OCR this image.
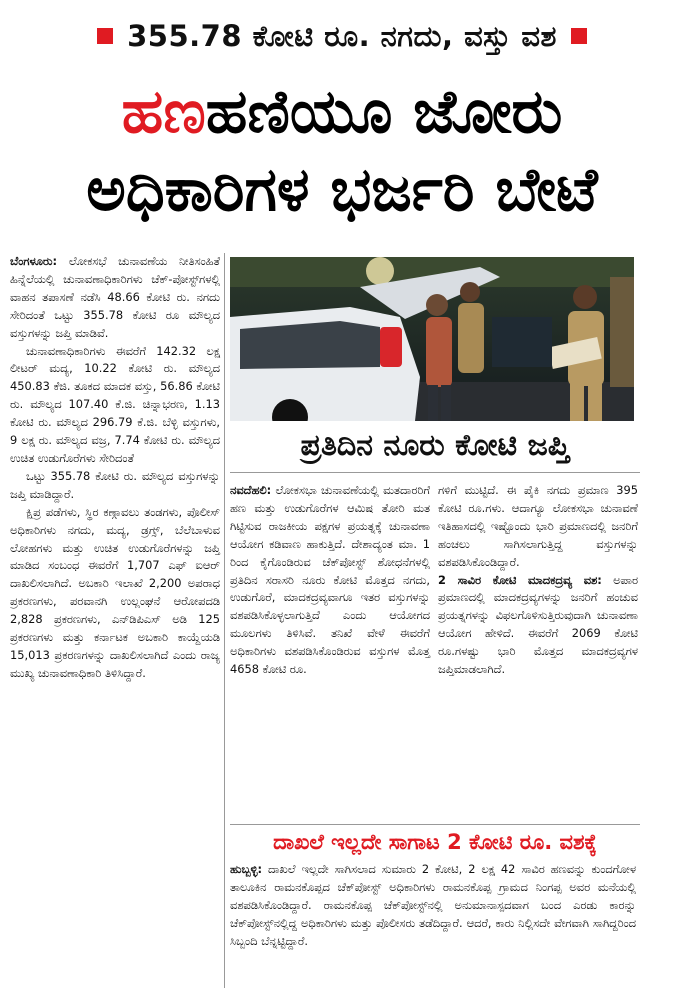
355.78 ಕೋಟಿ ರೂ. ನಗದು, ವಸ್ತು ವಶ
ಹಣಹಣಿಯೂ ಜೋರು
ಅಧಿಕಾರಿಗಳ ಭರ್ಜರಿ ಬೇಟೆ

ಬೆಂಗಳೂರು: ಲೋಕಸಭೆ ಚುನಾವಣೆಯ ನೀತಿಸಂಹಿತೆ ಹಿನ್ನೆಲೆಯಲ್ಲಿ ಚುನಾವಣಾಧಿಕಾರಿಗಳು ಚೆಕ್-ಪೋಸ್ಟ್‌ಗಳಲ್ಲಿ ವಾಹನ ತಪಾಸಣೆ ನಡೆಸಿ 48.66 ಕೋಟಿ ರು. ನಗದು ಸೇರಿದಂತೆ ಒಟ್ಟು 355.78 ಕೋಟಿ ರೂ ಮೌಲ್ಯದ ವಸ್ತುಗಳನ್ನು ಜಪ್ತಿ ಮಾಡಿವೆ.

ಚುನಾವಣಾಧಿಕಾರಿಗಳು ಈವರೆಗೆ 142.32 ಲಕ್ಷ ಲೀಟರ್ ಮದ್ಯ, 10.22 ಕೋಟಿ ರು. ಮೌಲ್ಯದ 450.83 ಕೆಜಿ. ತೂಕದ ಮಾದಕ ವಸ್ತು, 56.86 ಕೋಟಿ ರು. ಮೌಲ್ಯದ 107.40 ಕೆ.ಜಿ. ಚಿನ್ನಾಭರಣ, 1.13 ಕೋಟಿ ರು. ಮೌಲ್ಯದ 296.79 ಕೆ.ಜಿ. ಬೆಳ್ಳಿ ವಸ್ತುಗಳು, 9 ಲಕ್ಷ ರು. ಮೌಲ್ಯದ ವಜ್ರ, 7.74 ಕೋಟಿ ರು. ಮೌಲ್ಯದ ಉಚಿತ ಉಡುಗೊರೆಗಳು ಸೇರಿದಂತೆ

ಒಟ್ಟು 355.78 ಕೋಟಿ ರು. ಮೌಲ್ಯದ ವಸ್ತುಗಳನ್ನು ಜಪ್ತಿ ಮಾಡಿದ್ದಾರೆ.

ಕ್ಷಿಪ್ರ ಪಡೆಗಳು, ಸ್ಥಿರ ಕಣ್ಗಾವಲು ತಂಡಗಳು, ಪೊಲೀಸ್ ಅಧಿಕಾರಿಗಳು ನಗದು, ಮದ್ಯ, ಡ್ರಗ್ಸ್, ಬೆಲೆಬಾಳುವ ಲೋಹಗಳು ಮತ್ತು ಉಚಿತ ಉಡುಗೊರೆಗಳನ್ನು ಜಪ್ತಿ ಮಾಡಿದ ಸಂಬಂಧ ಈವರೆಗೆ 1,707 ಎಫ್ ಐಆರ್ ದಾಖಲಿಸಲಾಗಿದೆ. ಅಬಕಾರಿ ಇಲಾಖೆ 2,200 ಅಪರಾಧ ಪ್ರಕರಣಗಳು, ಪರವಾನಗಿ ಉಲ್ಲಂಘನೆ ಆರೋಪದಡಿ 2,828 ಪ್ರಕರಣಗಳು, ಎನ್‌ಡಿಪಿಎಸ್ ಅಡಿ 125 ಪ್ರಕರಣಗಳು ಮತ್ತು ಕರ್ನಾಟಕ ಅಬಕಾರಿ ಕಾಯ್ದೆಯಡಿ 15,013 ಪ್ರಕರಣಗಳನ್ನು ದಾಖಲಿಸಲಾಗಿದೆ ಎಂದು ರಾಜ್ಯ ಮುಖ್ಯ ಚುನಾವಣಾಧಿಕಾರಿ ತಿಳಿಸಿದ್ದಾರೆ.

ಪ್ರತಿದಿನ ನೂರು ಕೋಟಿ ಜಪ್ತಿ

ನವದೆಹಲಿ: ಲೋಕಸಭಾ ಚುನಾವಣೆಯಲ್ಲಿ ಮತದಾರರಿಗೆ ಹಣ ಮತ್ತು ಉಡುಗೊರೆಗಳ ಆಮಿಷ ತೋರಿ ಮತ ಗಿಟ್ಟಿಸುವ ರಾಜಕೀಯ ಪಕ್ಷಗಳ ಪ್ರಯತ್ನಕ್ಕೆ ಚುನಾವಣಾ ಆಯೋಗ ಕಡಿವಾಣ ಹಾಕುತ್ತಿದೆ. ದೇಶಾದ್ಯಂತ ಮಾ. 1 ರಿಂದ ಕೈಗೊಂಡಿರುವ ಚೆಕ್‌ಪೋಸ್ಟ್ ಶೋಧನೆಗಳಲ್ಲಿ ಪ್ರತಿದಿನ ಸರಾಸರಿ ನೂರು ಕೋಟಿ ಮೊತ್ತದ ನಗದು, ಉಡುಗೊರೆ, ಮಾದಕದ್ರವ್ಯವಾಗೂ ಇತರ ವಸ್ತುಗಳನ್ನು ವಶಪಡಿಸಿಕೊಳ್ಳಲಾಗುತ್ತಿದೆ ಎಂದು ಆಯೋಗದ ಮೂಲಗಳು ತಿಳಿಸಿವೆ. ತನಿಖೆ ವೇಳೆ ಈವರೆಗೆ ಅಧಿಕಾರಿಗಳು ವಶಪಡಿಸಿಕೊಂಡಿರುವ ವಸ್ತುಗಳ ಮೊತ್ತ 4658 ಕೋಟಿ ರೂ.

ಗಳಿಗೆ ಮುಟ್ಟಿದೆ. ಈ ಪೈಕಿ ನಗದು ಪ್ರಮಾಣ 395 ಕೋಟಿ ರೂ.ಗಳು. ಆದಾಗ್ಯೂ ಲೋಕಸಭಾ ಚುನಾವಣೆ ಇತಿಹಾಸದಲ್ಲಿ ಇಷ್ಟೊಂದು ಭಾರಿ ಪ್ರಮಾಣದಲ್ಲಿ ಜನರಿಗೆ ಹಂಚಲು ಸಾಗಿಸಲಾಗುತ್ತಿದ್ದ ವಸ್ತುಗಳನ್ನು ವಶಪಡಿಸಿಕೊಂಡಿದ್ದಾರೆ.

2 ಸಾವಿರ ಕೋಟಿ ಮಾದಕದ್ರವ್ಯ ವಶ: ಅಪಾರ ಪ್ರಮಾಣದಲ್ಲಿ ಮಾದಕದ್ರವ್ಯಗಳನ್ನು ಜನರಿಗೆ ಹಂಚುವ ಪ್ರಯತ್ನಗಳನ್ನು ವಿಫಲಗೊಳಿಸುತ್ತಿರುವುದಾಗಿ ಚುನಾವಣಾ ಆಯೋಗ ಹೇಳಿದೆ. ಈವರೆಗೆ 2069 ಕೋಟಿ ರೂ.ಗಳಷ್ಟು ಭಾರಿ ಮೊತ್ತದ ಮಾದಕದ್ರವ್ಯಗಳ ಜಪ್ತಿಮಾಡಲಾಗಿದೆ.

ದಾಖಲೆ ಇಲ್ಲದೇ ಸಾಗಾಟ 2 ಕೋಟಿ ರೂ. ವಶಕ್ಕೆ

ಹುಬ್ಬಳ್ಳಿ: ದಾಖಲೆ ಇಲ್ಲದೇ ಸಾಗಿಸಲಾದ ಸುಮಾರು 2 ಕೋಟಿ, 2 ಲಕ್ಷ 42 ಸಾವಿರ ಹಣವನ್ನು ಕುಂದಗೋಳ ತಾಲೂಕಿನ ರಾಮನಕೊಪ್ಪದ ಚೆಕ್‌ಪೋಸ್ಟ್ ಅಧಿಕಾರಿಗಳು ರಾಮನಕೊಪ್ಪ ಗ್ರಾಮದ ನಿಂಗಪ್ಪ ಅವರ ಮನೆಯಲ್ಲಿ ವಶಪಡಿಸಿಕೊಂಡಿದ್ದಾರೆ. ರಾಮನಕೊಪ್ಪ ಚೆಕ್‌ಪೋಸ್ಟ್‌ನಲ್ಲಿ ಅನುಮಾನಾಸ್ಪದವಾಗ ಬಂದ ಎರಡು ಕಾರನ್ನು ಚೆಕ್‌ಪೋಸ್ಟ್‌ನಲ್ಲಿದ್ದ ಅಧಿಕಾರಿಗಳು ಮತ್ತು ಪೊಲೀಸರು ತಡೆದಿದ್ದಾರೆ. ಆದರೆ, ಕಾರು ನಿಲ್ಲಿಸದೇ ವೇಗವಾಗಿ ಸಾಗಿದ್ದರಿಂದ ಸಿಬ್ಬಂದಿ ಬೆನ್ನಟ್ಟಿದ್ದಾರೆ.
